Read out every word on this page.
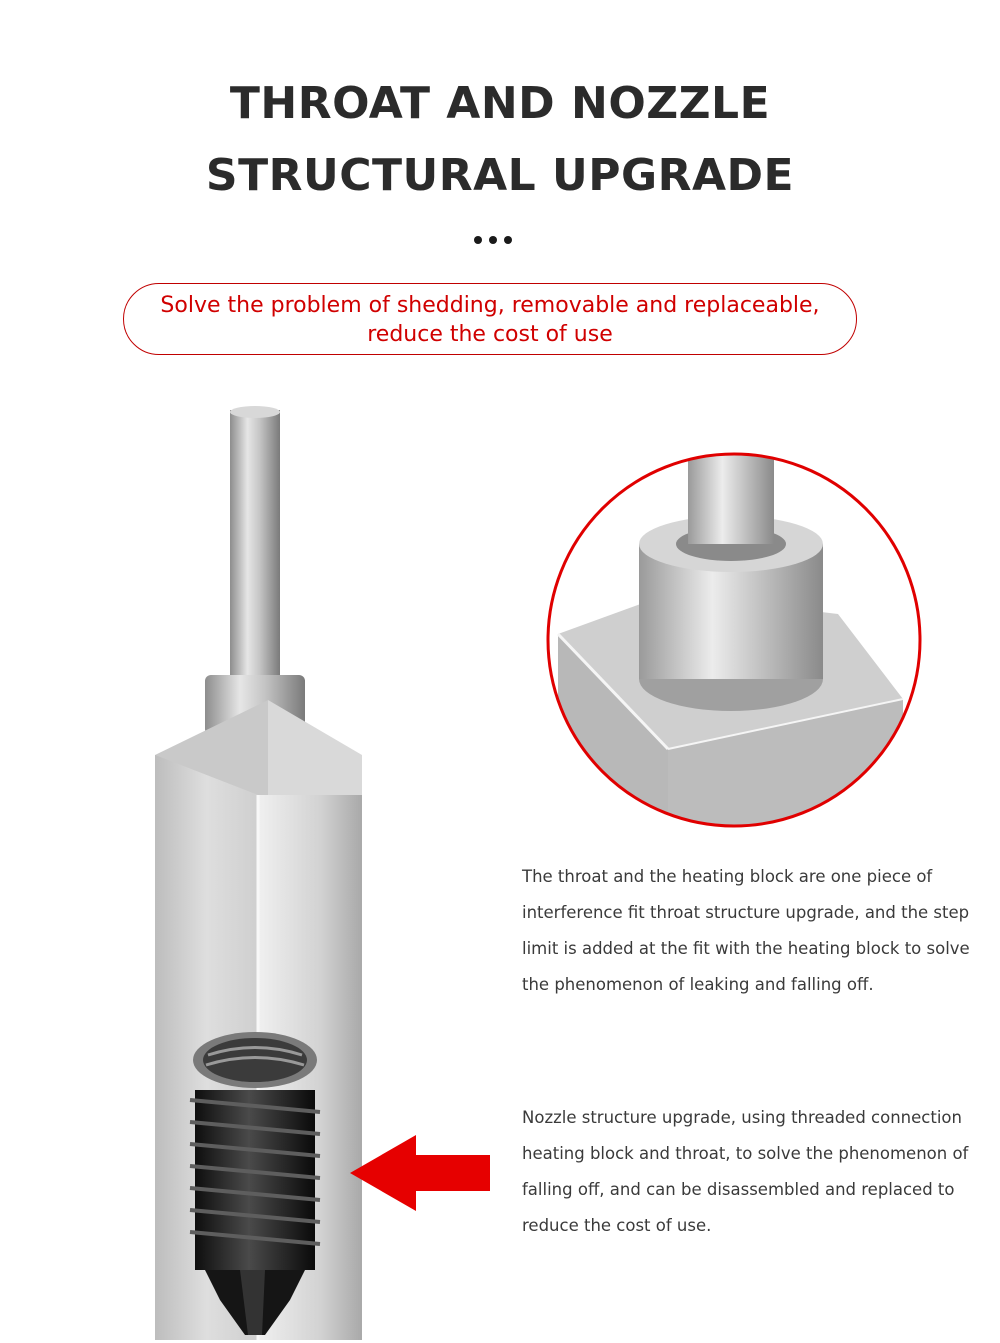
THROAT AND NOZZLE
STRUCTURAL UPGRADE
Solve the problem of shedding, removable and replaceable,
reduce the cost of use
The throat and the heating block are one piece of interference fit throat structure upgrade, and the step limit is added at the fit with the heating block to solve the phenomenon of leaking and falling off.
Nozzle structure upgrade, using threaded connection heating block and throat, to solve the phenomenon of falling off, and can be disassembled and replaced to reduce the cost of use.
